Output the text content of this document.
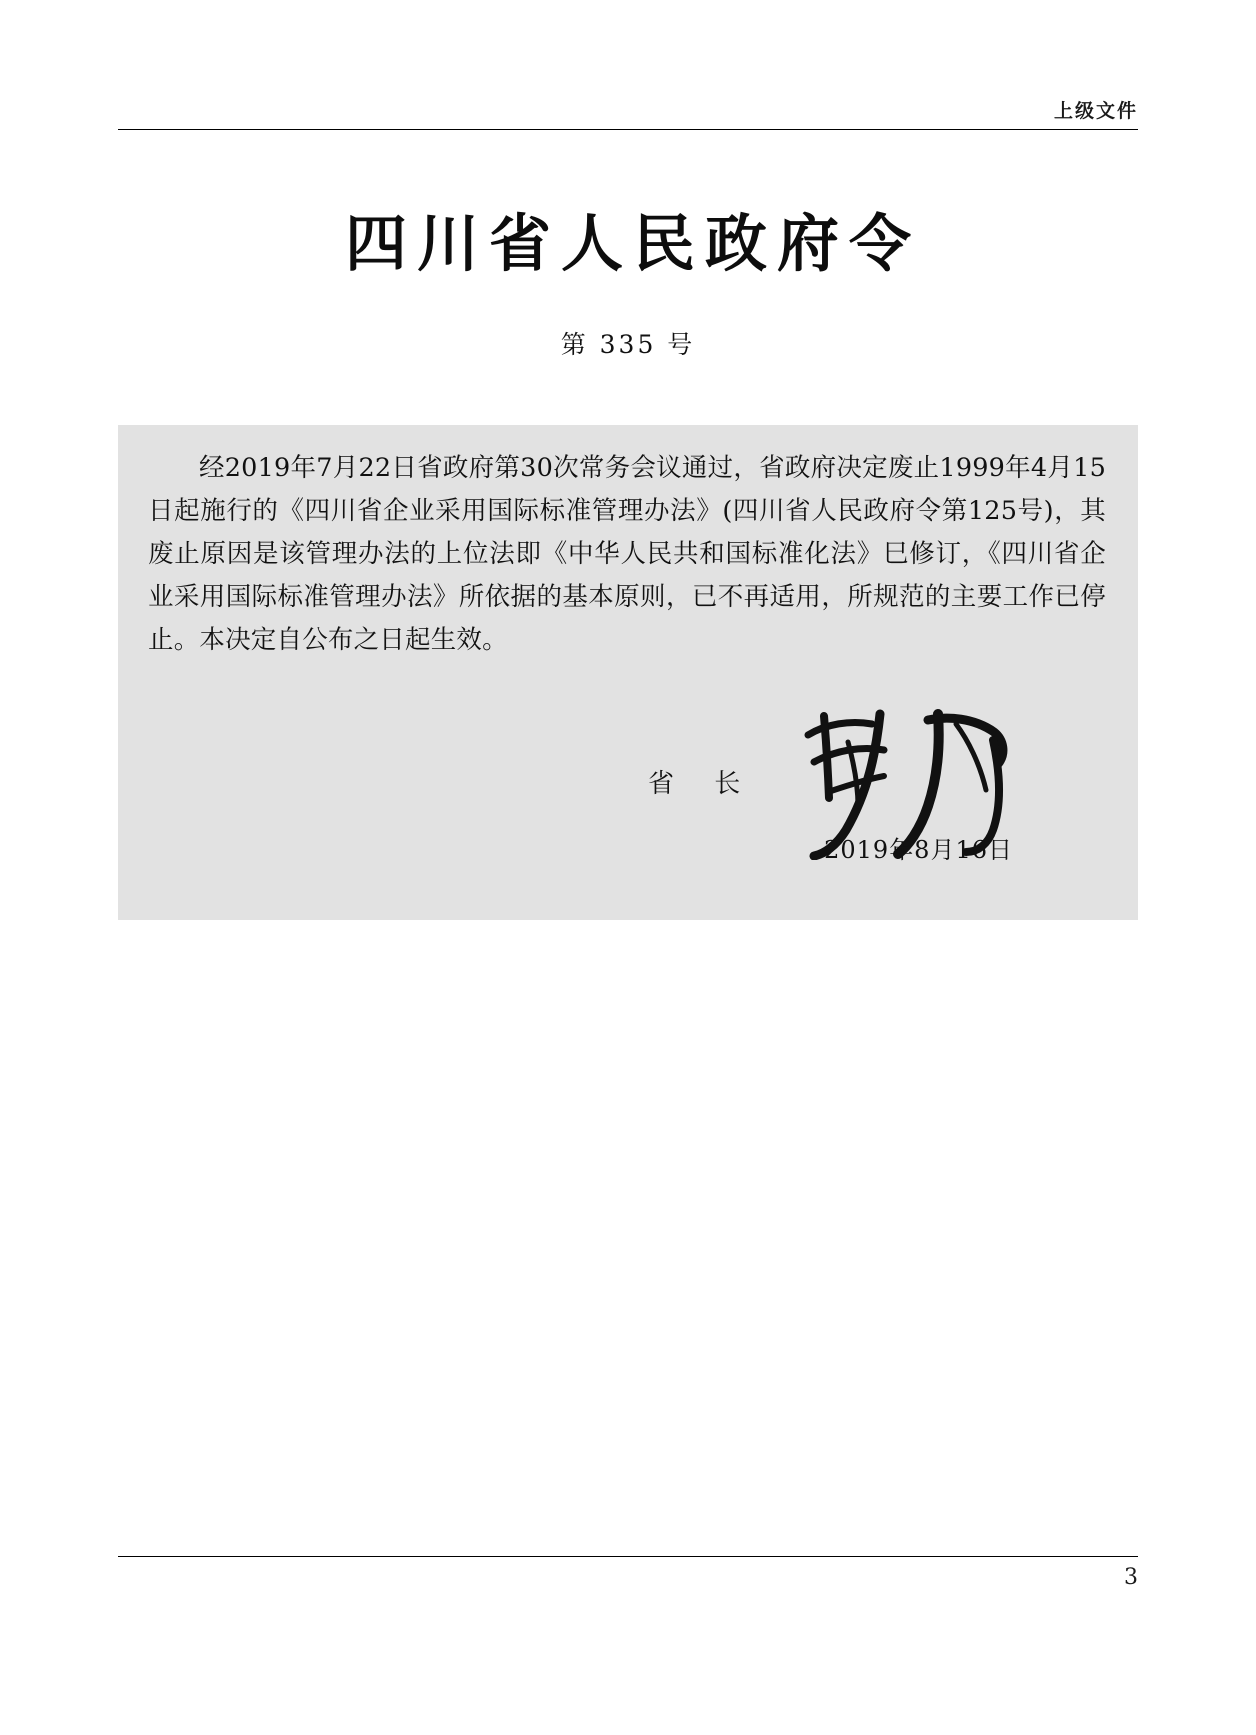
上级文件
四川省人民政府令
第 335 号
经2019年7月22日省政府第30次常务会议通过，省政府决定废止1999年4月15日起施行的《四川省企业采用国际标准管理办法》(四川省人民政府令第125号)，其废止原因是该管理办法的上位法即《中华人民共和国标准化法》巳修订，《四川省企业采用国际标准管理办法》所依据的基本原则，已不再适用，所规范的主要工作已停止。本决定自公布之日起生效。
省 长
2019年8月16日
3
